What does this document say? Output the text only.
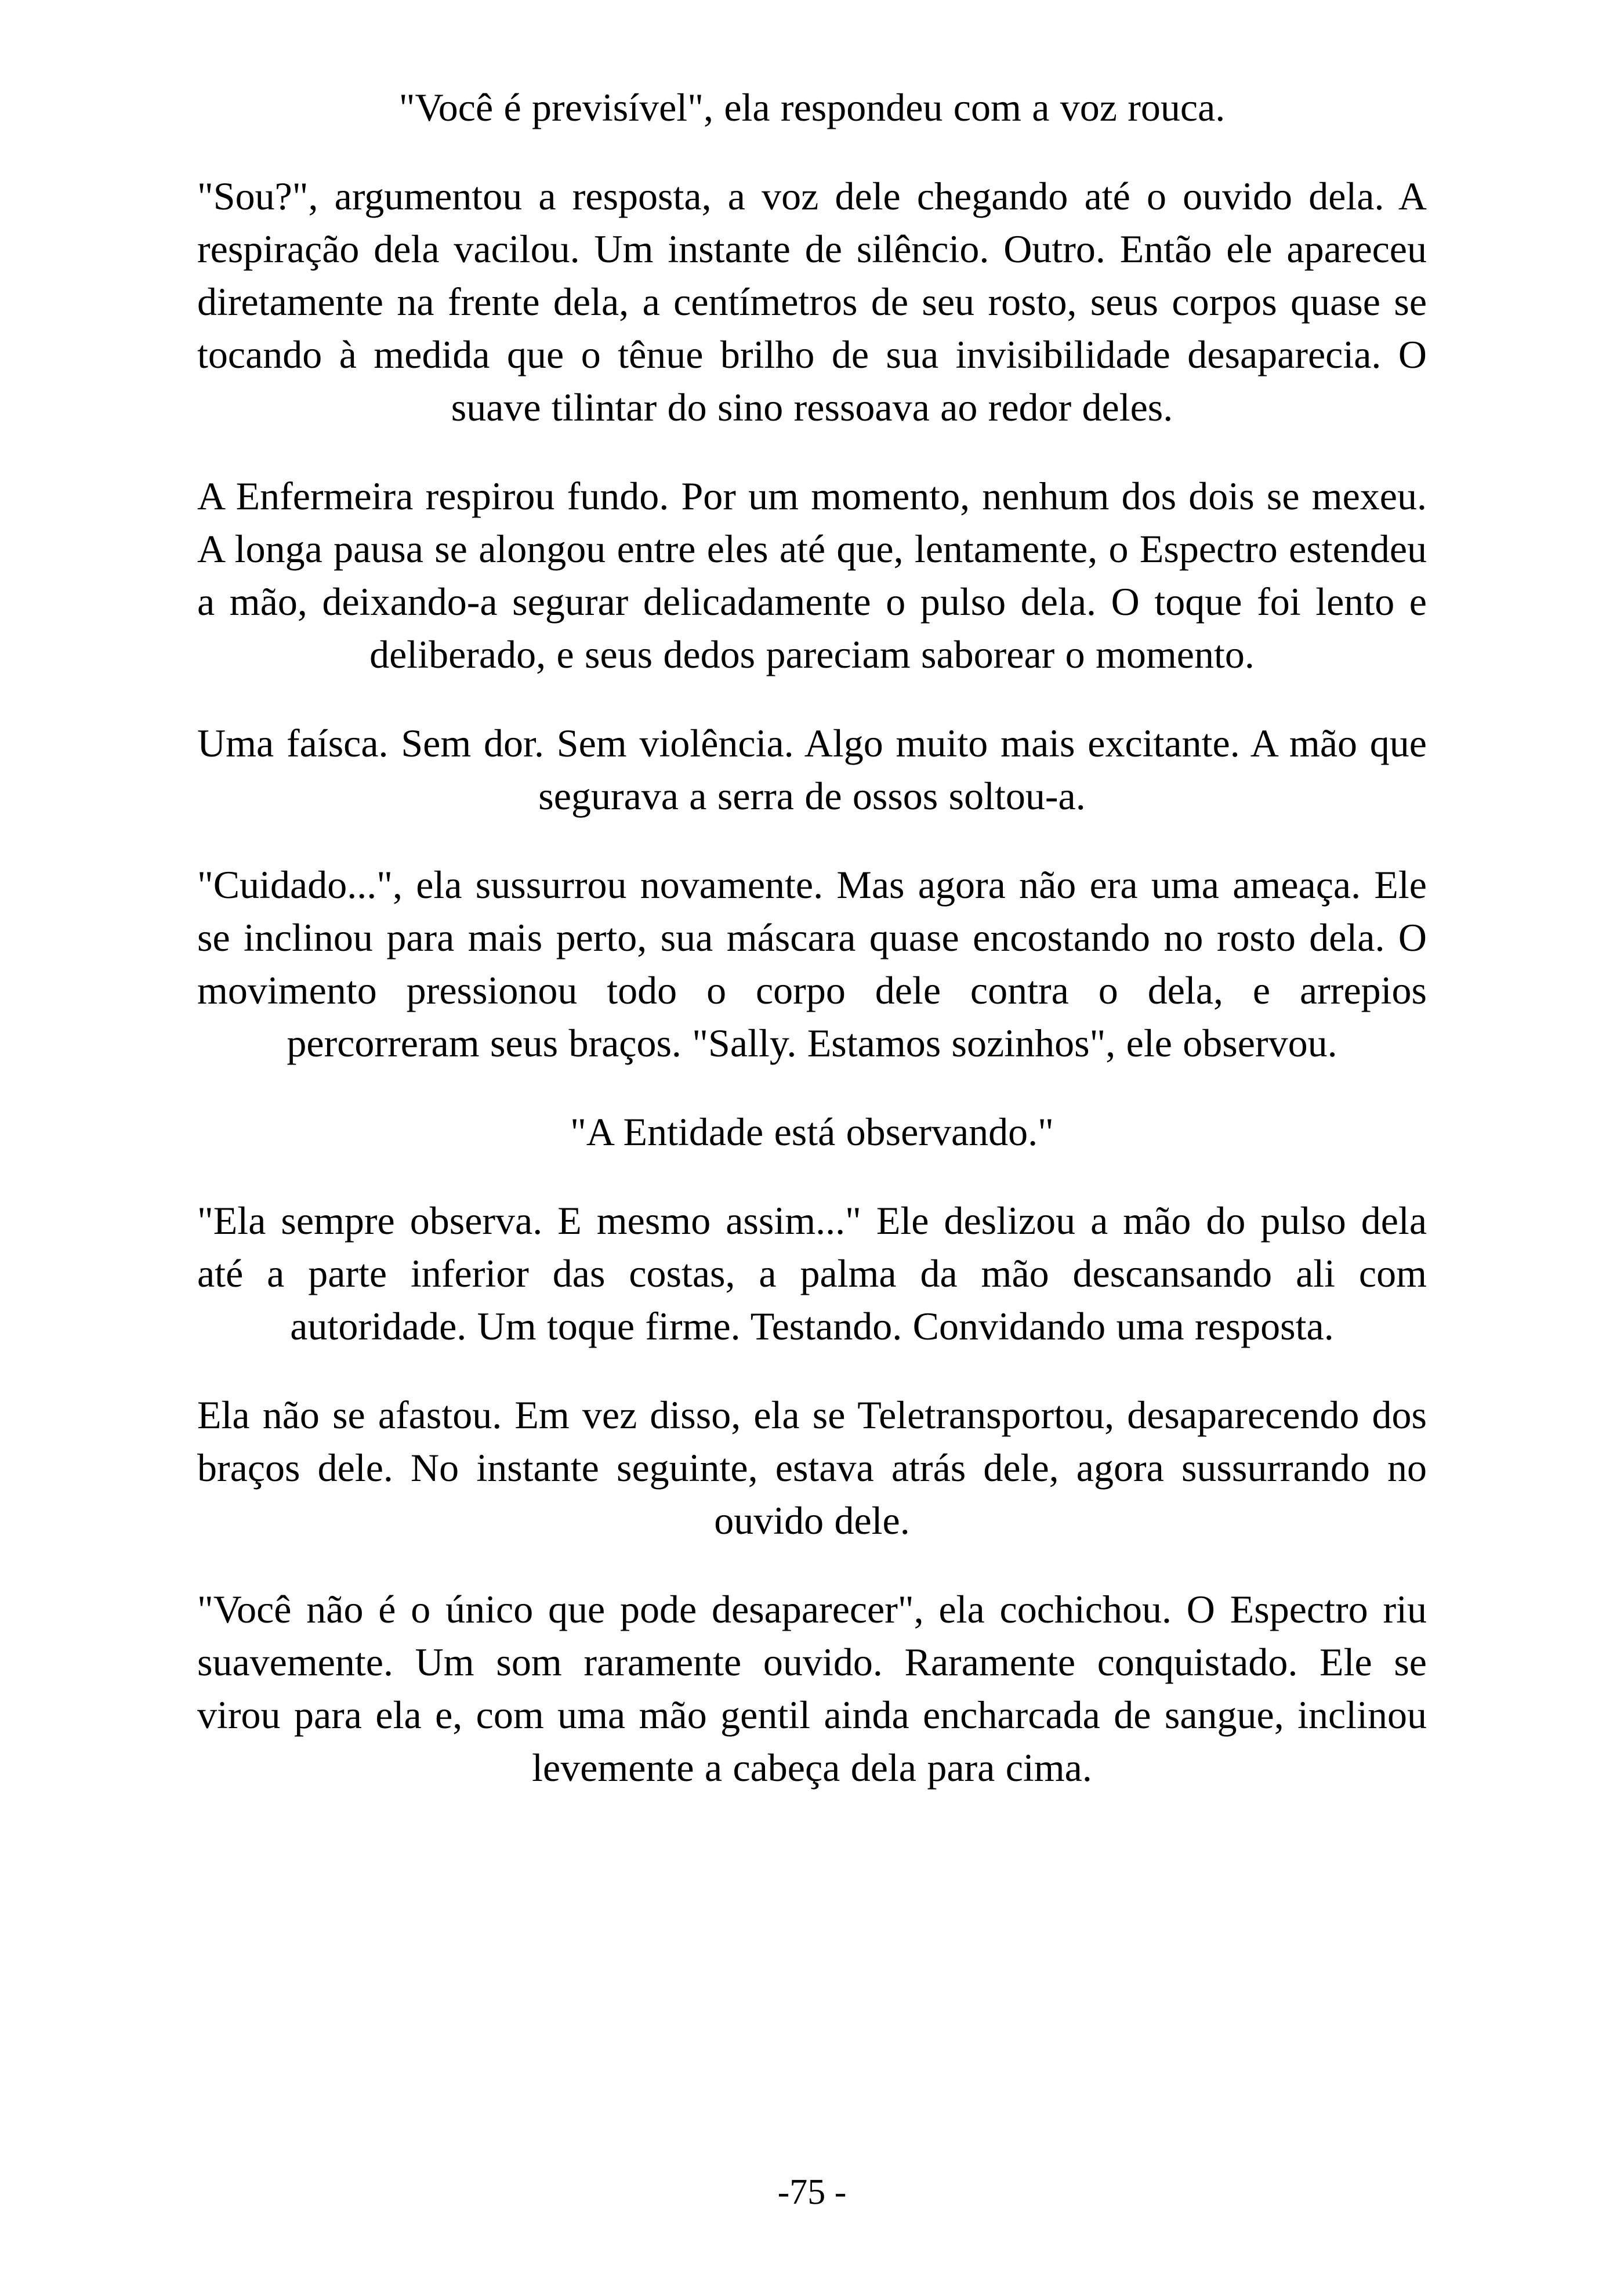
"Você é previsível", ela respondeu com a voz rouca.

"Sou?", argumentou a resposta, a voz dele chegando até o ouvido dela. A respiração dela vacilou. Um instante de silêncio. Outro. Então ele apareceu diretamente na frente dela, a centímetros de seu rosto, seus corpos quase se tocando à medida que o tênue brilho de sua invisibilidade desaparecia. O suave tilintar do sino ressoava ao redor deles.

A Enfermeira respirou fundo. Por um momento, nenhum dos dois se mexeu. A longa pausa se alongou entre eles até que, lentamente, o Espectro estendeu a mão, deixando-a segurar delicadamente o pulso dela. O toque foi lento e deliberado, e seus dedos pareciam saborear o momento.

Uma faísca. Sem dor. Sem violência. Algo muito mais excitante. A mão que segurava a serra de ossos soltou-a.

"Cuidado...", ela sussurrou novamente. Mas agora não era uma ameaça. Ele se inclinou para mais perto, sua máscara quase encostando no rosto dela. O movimento pressionou todo o corpo dele contra o dela, e arrepios percorreram seus braços. "Sally. Estamos sozinhos", ele observou.

"A Entidade está observando."

"Ela sempre observa. E mesmo assim..." Ele deslizou a mão do pulso dela até a parte inferior das costas, a palma da mão descansando ali com autoridade. Um toque firme. Testando. Convidando uma resposta.

Ela não se afastou. Em vez disso, ela se Teletransportou, desaparecendo dos braços dele. No instante seguinte, estava atrás dele, agora sussurrando no ouvido dele.

"Você não é o único que pode desaparecer", ela cochichou. O Espectro riu suavemente. Um som raramente ouvido. Raramente conquistado. Ele se virou para ela e, com uma mão gentil ainda encharcada de sangue, inclinou levemente a cabeça dela para cima.

-75 -
